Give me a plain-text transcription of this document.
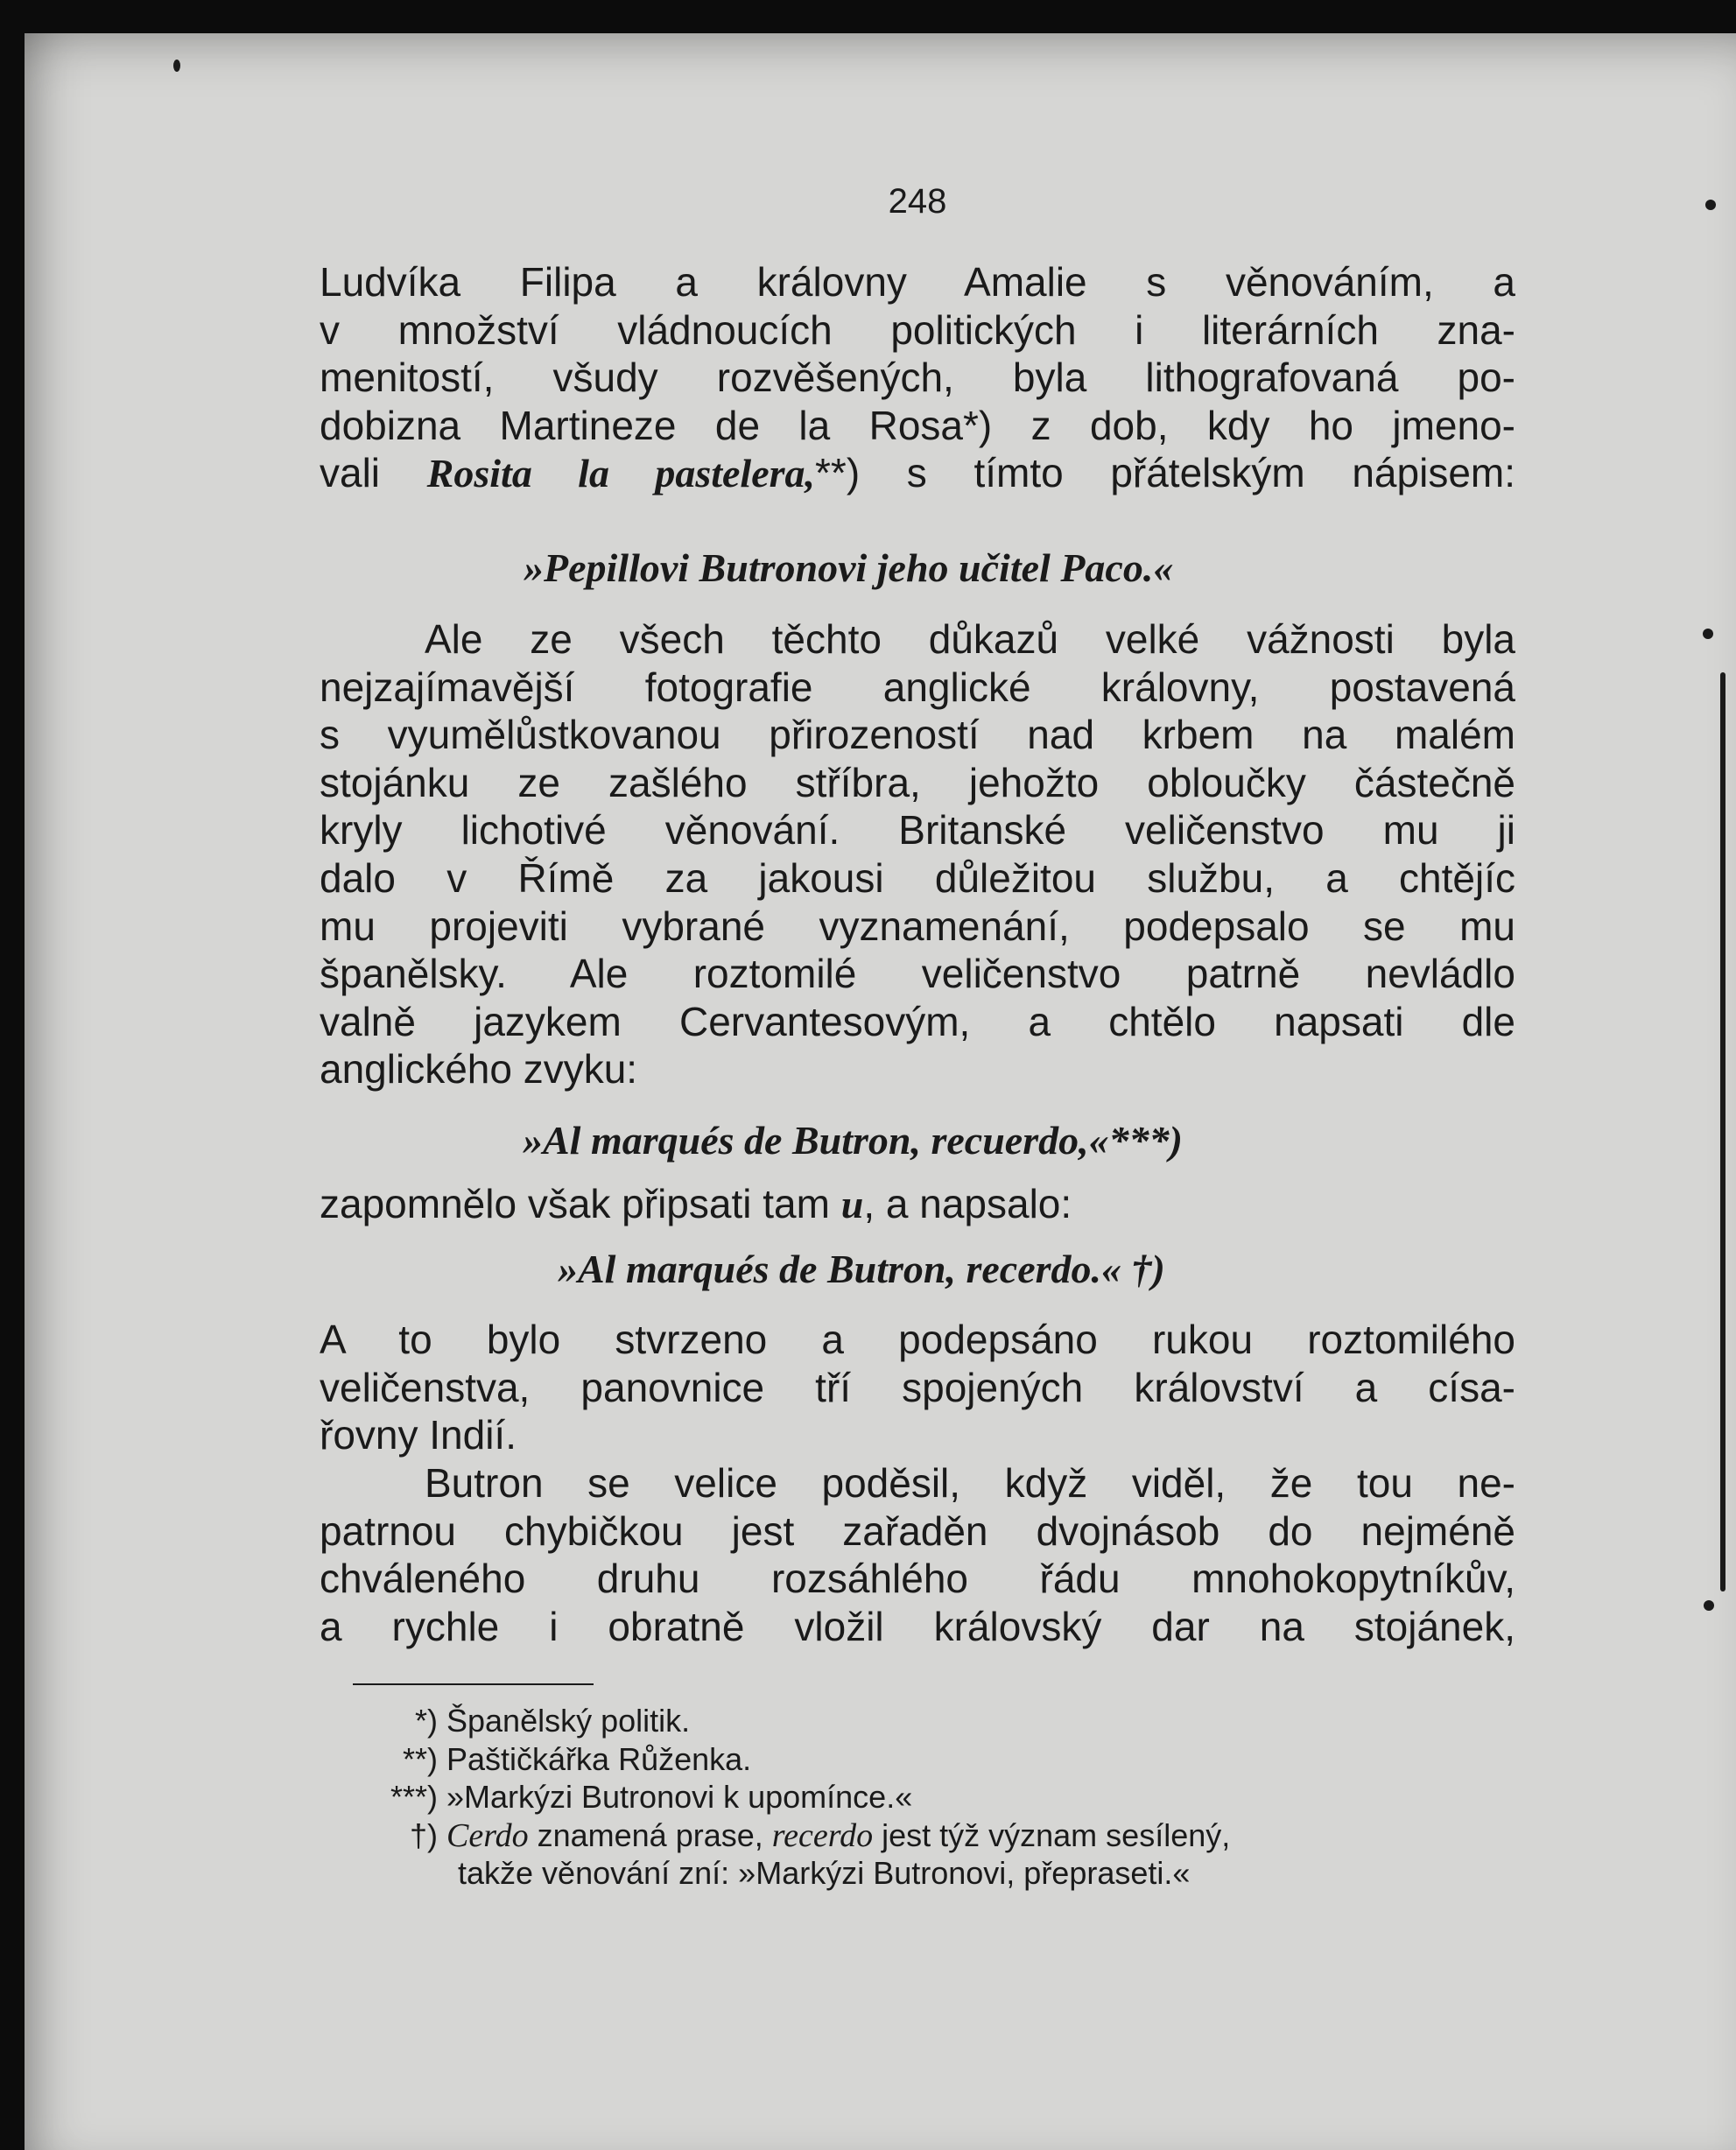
248
Ludvíka Filipa a královny Amalie s věnováním, a
v množství vládnoucích politických i literárních zna-
menitostí, všudy rozvěšených, byla lithografovaná po-
dobizna Martineze de la Rosa*) z dob, kdy ho jmeno-
vali Rosita la pastelera,**) s tímto přátelským nápisem:
»Pepillovi Butronovi jeho učitel Paco.«
Ale ze všech těchto důkazů velké vážnosti byla
nejzajímavější fotografie anglické královny, postavená
s vyumělůstkovanou přirozeností nad krbem na malém
stojánku ze zašlého stříbra, jehožto obloučky částečně
kryly lichotivé věnování. Britanské veličenstvo mu ji
dalo v Římě za jakousi důležitou službu, a chtějíc
mu projeviti vybrané vyznamenání, podepsalo se mu
španělsky. Ale roztomilé veličenstvo patrně nevládlo
valně jazykem Cervantesovým, a chtělo napsati dle
anglického zvyku:
»Al marqués de Butron, recuerdo,«***)
zapomnělo však připsati tam u, a napsalo:
»Al marqués de Butron, recerdo.« †)
A to bylo stvrzeno a podepsáno rukou roztomilého
veličenstva, panovnice tří spojených království a císa-
řovny Indií.
Butron se velice poděsil, když viděl, že tou ne-
patrnou chybičkou jest zařaděn dvojnásob do nejméně
chváleného druhu rozsáhlého řádu mnohokopytníkův,
a rychle i obratně vložil královský dar na stojánek,
*) Španělský politik.
**) Paštičkářka Růženka.
***) »Markýzi Butronovi k upomínce.«
†) Cerdo znamená prase, recerdo jest týž význam sesílený,
takže věnování zní: »Markýzi Butronovi, přepraseti.«
